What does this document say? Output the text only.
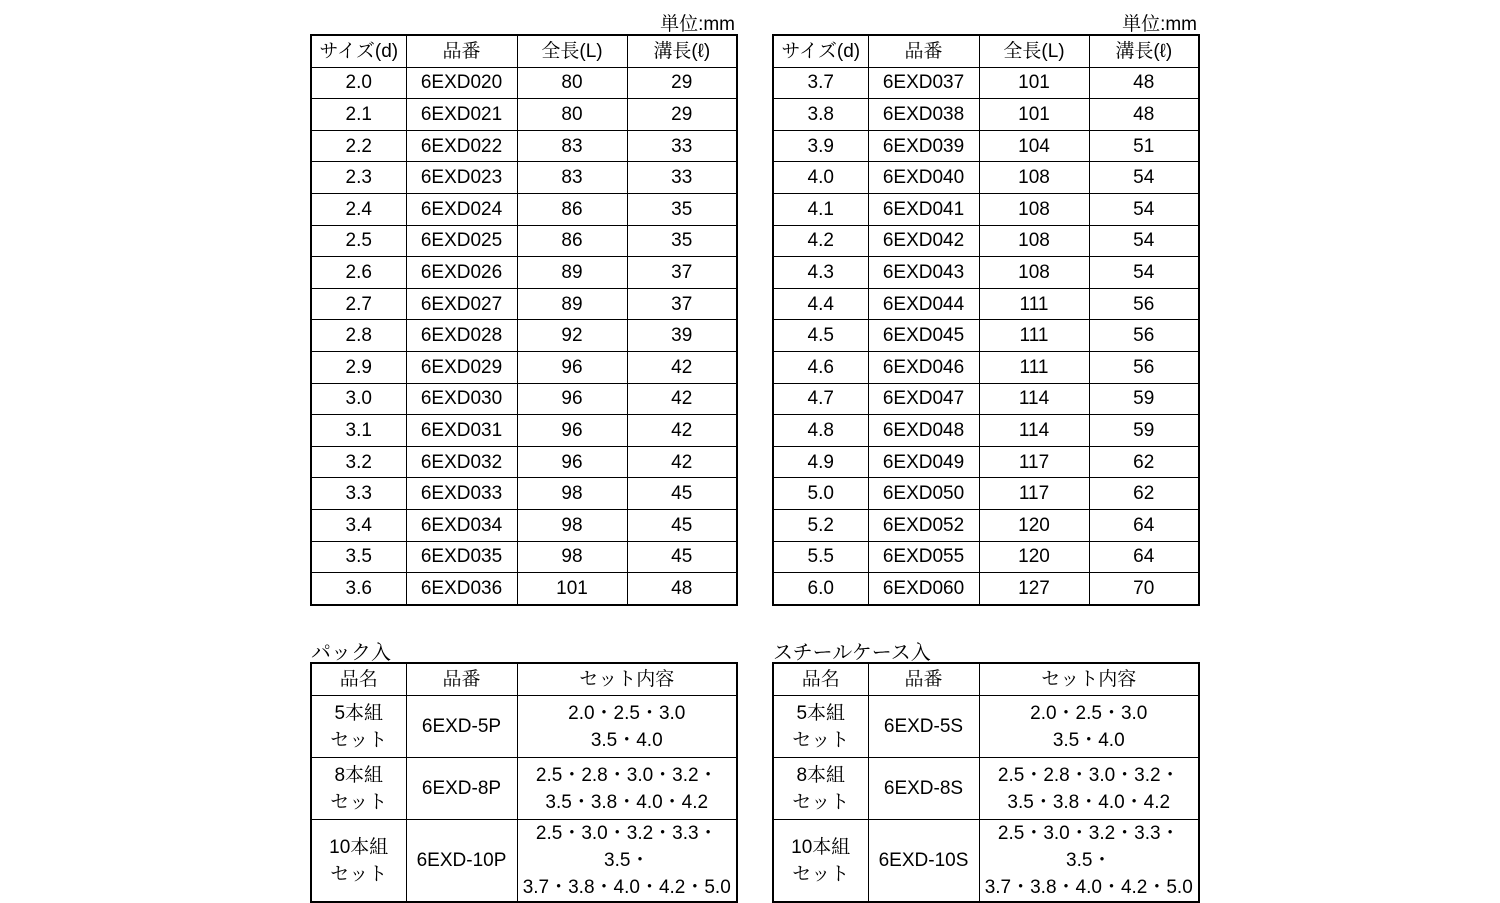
単位:mm	単位:mm
サイズ(d)	品番	全長(L)	溝長(ℓ)
2.0	6EXD020	80	29
2.1	6EXD021	80	29
2.2	6EXD022	83	33
2.3	6EXD023	83	33
2.4	6EXD024	86	35
2.5	6EXD025	86	35
2.6	6EXD026	89	37
2.7	6EXD027	89	37
2.8	6EXD028	92	39
2.9	6EXD029	96	42
3.0	6EXD030	96	42
3.1	6EXD031	96	42
3.2	6EXD032	96	42
3.3	6EXD033	98	45
3.4	6EXD034	98	45
3.5	6EXD035	98	45
3.6	6EXD036	101	48
サイズ(d)	品番	全長(L)	溝長(ℓ)
3.7	6EXD037	101	48
3.8	6EXD038	101	48
3.9	6EXD039	104	51
4.0	6EXD040	108	54
4.1	6EXD041	108	54
4.2	6EXD042	108	54
4.3	6EXD043	108	54
4.4	6EXD044	111	56
4.5	6EXD045	111	56
4.6	6EXD046	111	56
4.7	6EXD047	114	59
4.8	6EXD048	114	59
4.9	6EXD049	117	62
5.0	6EXD050	117	62
5.2	6EXD052	120	64
5.5	6EXD055	120	64
6.0	6EXD060	127	70
パック入	スチールケース入
品名	品番	セット内容

5本組
セット	6EXD-5P	2.0・2.5・3.0
3.5・4.0

8本組
セット	6EXD-8P	2.5・2.8・3.0・3.2・
3.5・3.8・4.0・4.2

10本組
セット	6EXD-10P	2.5・3.0・3.2・3.3・3.5・
3.7・3.8・4.0・4.2・5.0
品名	品番	セット内容

5本組
セット	6EXD-5S	2.0・2.5・3.0
3.5・4.0

8本組
セット	6EXD-8S	2.5・2.8・3.0・3.2・
3.5・3.8・4.0・4.2

10本組
セット	6EXD-10S	2.5・3.0・3.2・3.3・3.5・
3.7・3.8・4.0・4.2・5.0
